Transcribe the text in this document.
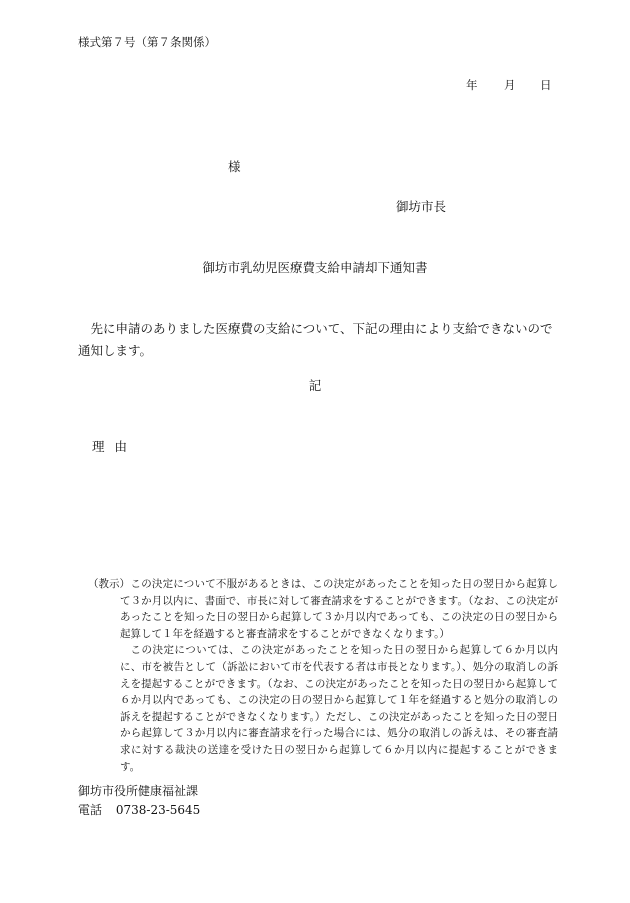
様式第７号（第７条関係）
年 月 日
様
御坊市長
御坊市乳幼児医療費支給申請却下通知書
先に申請のありました医療費の支給について、下記の理由により支給できないので通知します。
記
理由
（教示） この決定について不服があるときは、この決定があったことを知った日の翌日から起算して３か月以内に、書面で、市長に対して審査請求をすることができます。（なお、この決定があったことを知った日の翌日から起算して３か月以内であっても、この決定の日の翌日から起算して１年を経過すると審査請求をすることができなくなります。）

この決定については、この決定があったことを知った日の翌日から起算して６か月以内に、市を被告として（訴訟において市を代表する者は市長となります。）、処分の取消しの訴えを提起することができます。（なお、この決定があったことを知った日の翌日から起算して６か月以内であっても、この決定の日の翌日から起算して１年を経過すると処分の取消しの訴えを提起することができなくなります。）ただし、この決定があったことを知った日の翌日から起算して３か月以内に審査請求を行った場合には、処分の取消しの訴えは、その審査請求に対する裁決の送達を受けた日の翌日から起算して６か月以内に提起することができます。

御坊市役所健康福祉課
電話 0738-23-5645
